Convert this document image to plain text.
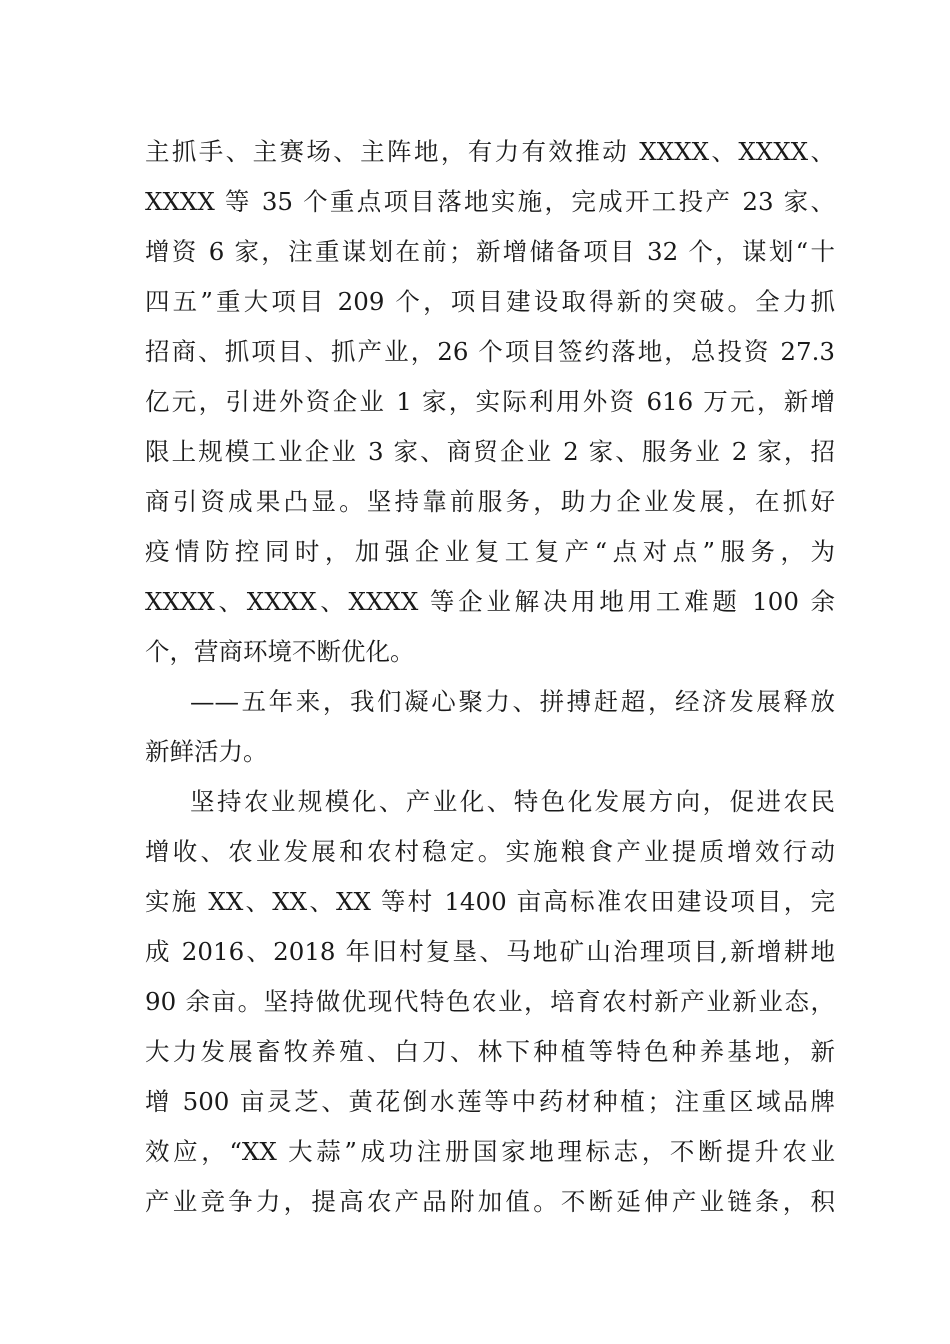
主抓手、主赛场、主阵地，有力有效推动 XXXX、XXXX、
XXXX 等 35 个重点项目落地实施，完成开工投产 23 家、
增资 6 家，注重谋划在前；新增储备项目 32 个，谋划“十
四五”重大项目 209 个，项目建设取得新的突破。全力抓
招商、抓项目、抓产业，26 个项目签约落地，总投资 27.3
亿元，引进外资企业 1 家，实际利用外资 616 万元，新增
限上规模工业企业 3 家、商贸企业 2 家、服务业 2 家，招
商引资成果凸显。坚持靠前服务，助力企业发展，在抓好
疫情防控同时，加强企业复工复产“点对点”服务，为
XXXX、XXXX、XXXX 等企业解决用地用工难题 100 余
个，营商环境不断优化。
——五年来，我们凝心聚力、拼搏赶超，经济发展释放
新鲜活力。
坚持农业规模化、产业化、特色化发展方向，促进农民
增收、农业发展和农村稳定。实施粮食产业提质增效行动
实施 XX、XX、XX 等村 1400 亩高标准农田建设项目，完
成 2016、2018 年旧村复垦、马地矿山治理项目,新增耕地
90 余亩。坚持做优现代特色农业，培育农村新产业新业态，
大力发展畜牧养殖、白刀、林下种植等特色种养基地，新
增 500 亩灵芝、黄花倒水莲等中药材种植；注重区域品牌
效应，“XX 大蒜”成功注册国家地理标志，不断提升农业
产业竞争力，提高农产品附加值。不断延伸产业链条，积
